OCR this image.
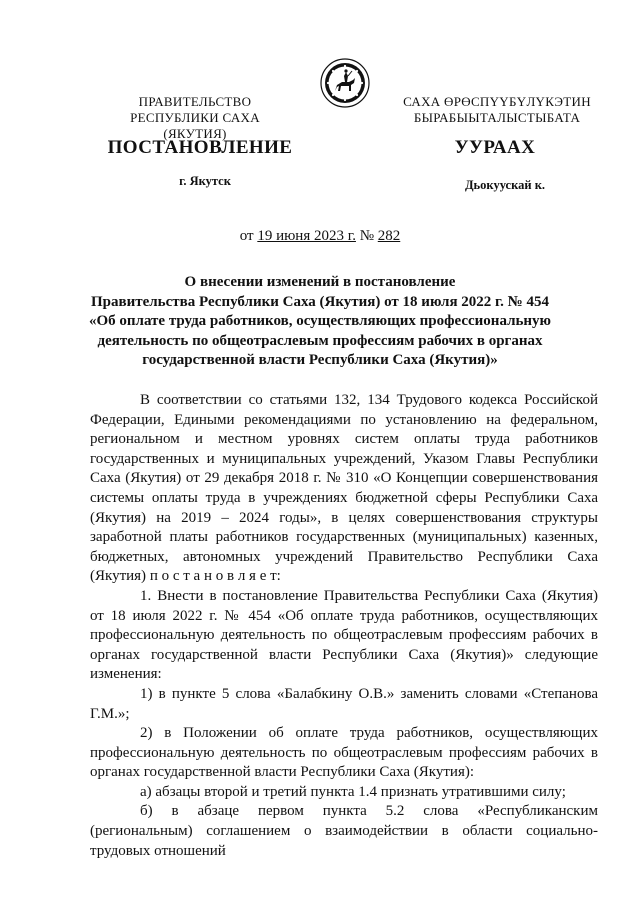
ПРАВИТЕЛЬСТВО
РЕСПУБЛИКИ САХА (ЯКУТИЯ)
САХА ӨРӨСПҮҮБҮЛҮКЭТИН
БЫРАБЫЫТАЛЫСТЫБАТА
ПОСТАНОВЛЕНИЕ	УУРААХ
г. Якутск	Дьокуускай к.
от 19 июня 2023 г. № 282
О внесении изменений в постановление
Правительства Республики Саха (Якутия) от 18 июля 2022 г. № 454
«Об оплате труда работников, осуществляющих профессиональную
деятельность по общеотраслевым профессиям рабочих в органах
государственной власти Республики Саха (Якутия)»

В соответствии со статьями 132, 134 Трудового кодекса Российской Федерации, Едиными рекомендациями по установлению на федеральном, региональном и местном уровнях систем оплаты труда работников государственных и муниципальных учреждений, Указом Главы Республики Саха (Якутия) от 29 декабря 2018 г. № 310 «О Концепции совершенствования системы оплаты труда в учреждениях бюджетной сферы Республики Саха (Якутия) на 2019 – 2024 годы», в целях совершенствования структуры заработной платы работников государственных (муниципальных) казенных, бюджетных, автономных учреждений Правительство Республики Саха (Якутия) п о с т а н о в л я е т:

1. Внести в постановление Правительства Республики Саха (Якутия) от 18 июля 2022 г. № 454 «Об оплате труда работников, осуществляющих профессиональную деятельность по общеотраслевым профессиям рабочих в органах государственной власти Республики Саха (Якутия)» следующие изменения:

1) в пункте 5 слова «Балабкину О.В.» заменить словами «Степанова Г.М.»;

2) в Положении об оплате труда работников, осуществляющих профессиональную деятельность по общеотраслевым профессиям рабочих в органах государственной власти Республики Саха (Якутия):

а) абзацы второй и третий пункта 1.4 признать утратившими силу;

б) в абзаце первом пункта 5.2 слова «Республиканским (региональным) соглашением о взаимодействии в области социально-трудовых отношений
